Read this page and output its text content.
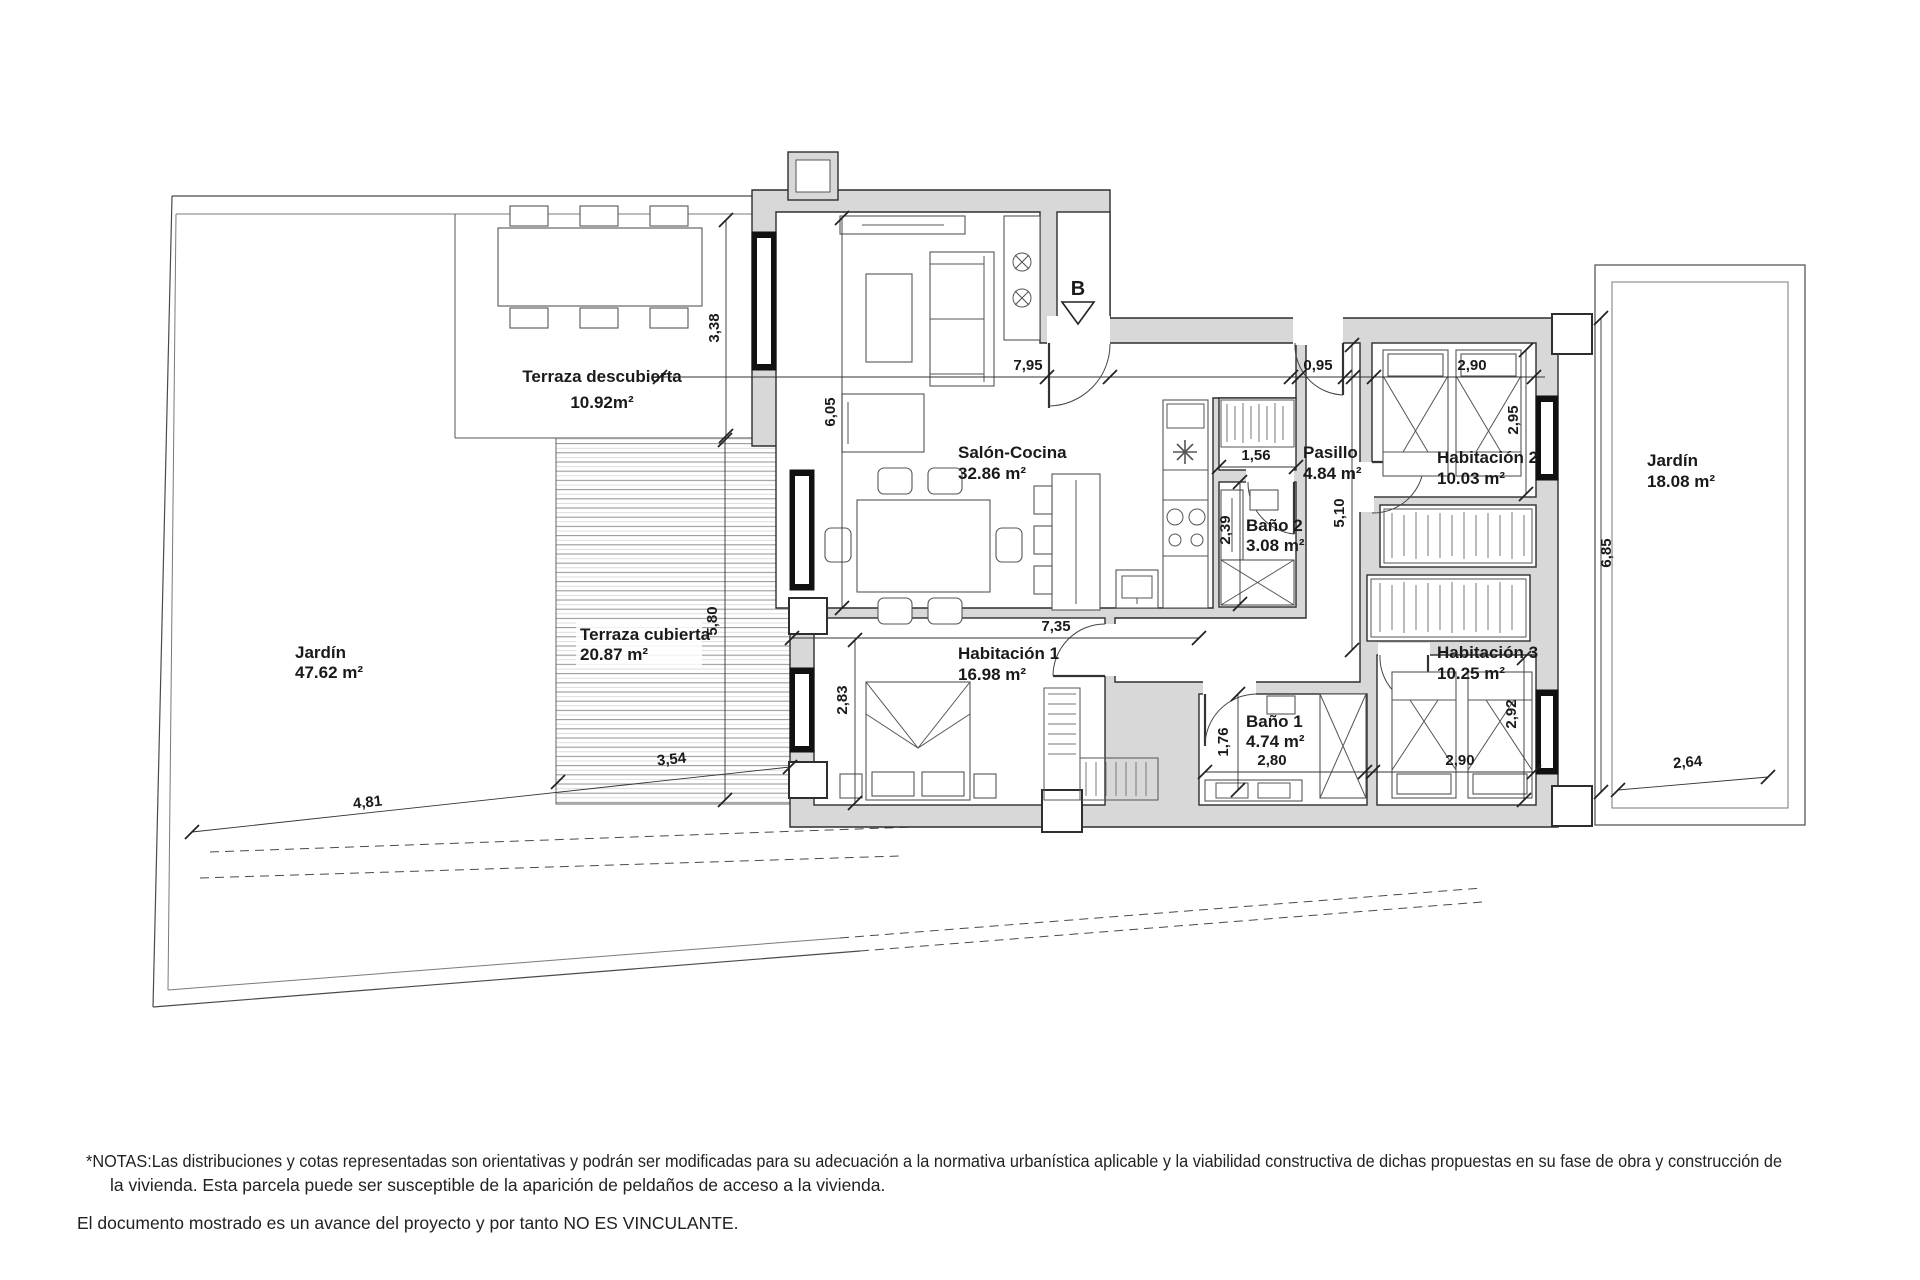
7,95	0,95	2,90
7,35
2,80	2,90
1,56
2,64
4,81
3,54
3,38
6,05
5,80
2,83
2,39
1,76
5,10
2,95
2,92
6,85
Terraza descubierta
10.92m²
Jardín
47.62 m²
Terraza cubierta
20.87 m²
Salón-Cocina
32.86 m²
Pasillo
4.84 m²
Baño 2
3.08 m²
Habitación 1
16.98 m²
Habitación 2
10.03 m²
Habitación 3
10.25 m²
Baño 1
4.74 m²
Jardín
18.08 m²
B
*NOTAS:Las distribuciones y cotas representadas son orientativas y podrán ser modificadas para su adecuación a la normativa urbanística aplicable y la viabilidad constructiva de dichas propuestas en su fase de obra y construcción de
la vivienda. Esta parcela puede ser susceptible de la aparición de peldaños de acceso a la vivienda.
El documento mostrado es un avance del proyecto y por tanto NO ES VINCULANTE.
